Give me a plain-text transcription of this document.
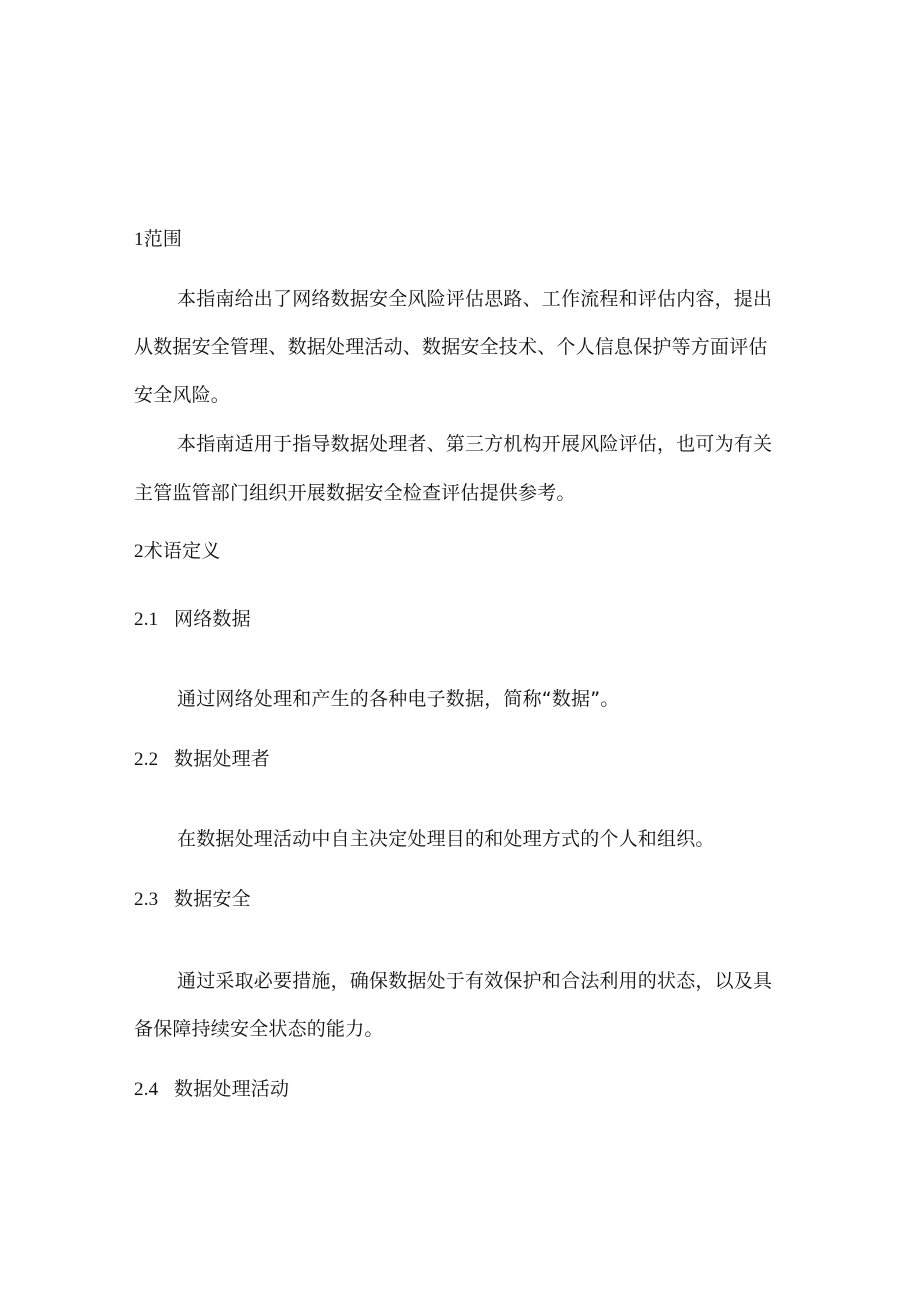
1范围
本指南给出了网络数据安全风险评估思路、工作流程和评估内容，提出
从数据安全管理、数据处理活动、数据安全技术、个人信息保护等方面评估
安全风险。
本指南适用于指导数据处理者、第三方机构开展风险评估，也可为有关
主管监管部门组织开展数据安全检查评估提供参考。
2术语定义
2.1 网络数据
通过网络处理和产生的各种电子数据，简称“数据”。
2.2 数据处理者
在数据处理活动中自主决定处理目的和处理方式的个人和组织。
2.3 数据安全
通过采取必要措施，确保数据处于有效保护和合法利用的状态，以及具
备保障持续安全状态的能力。
2.4 数据处理活动
